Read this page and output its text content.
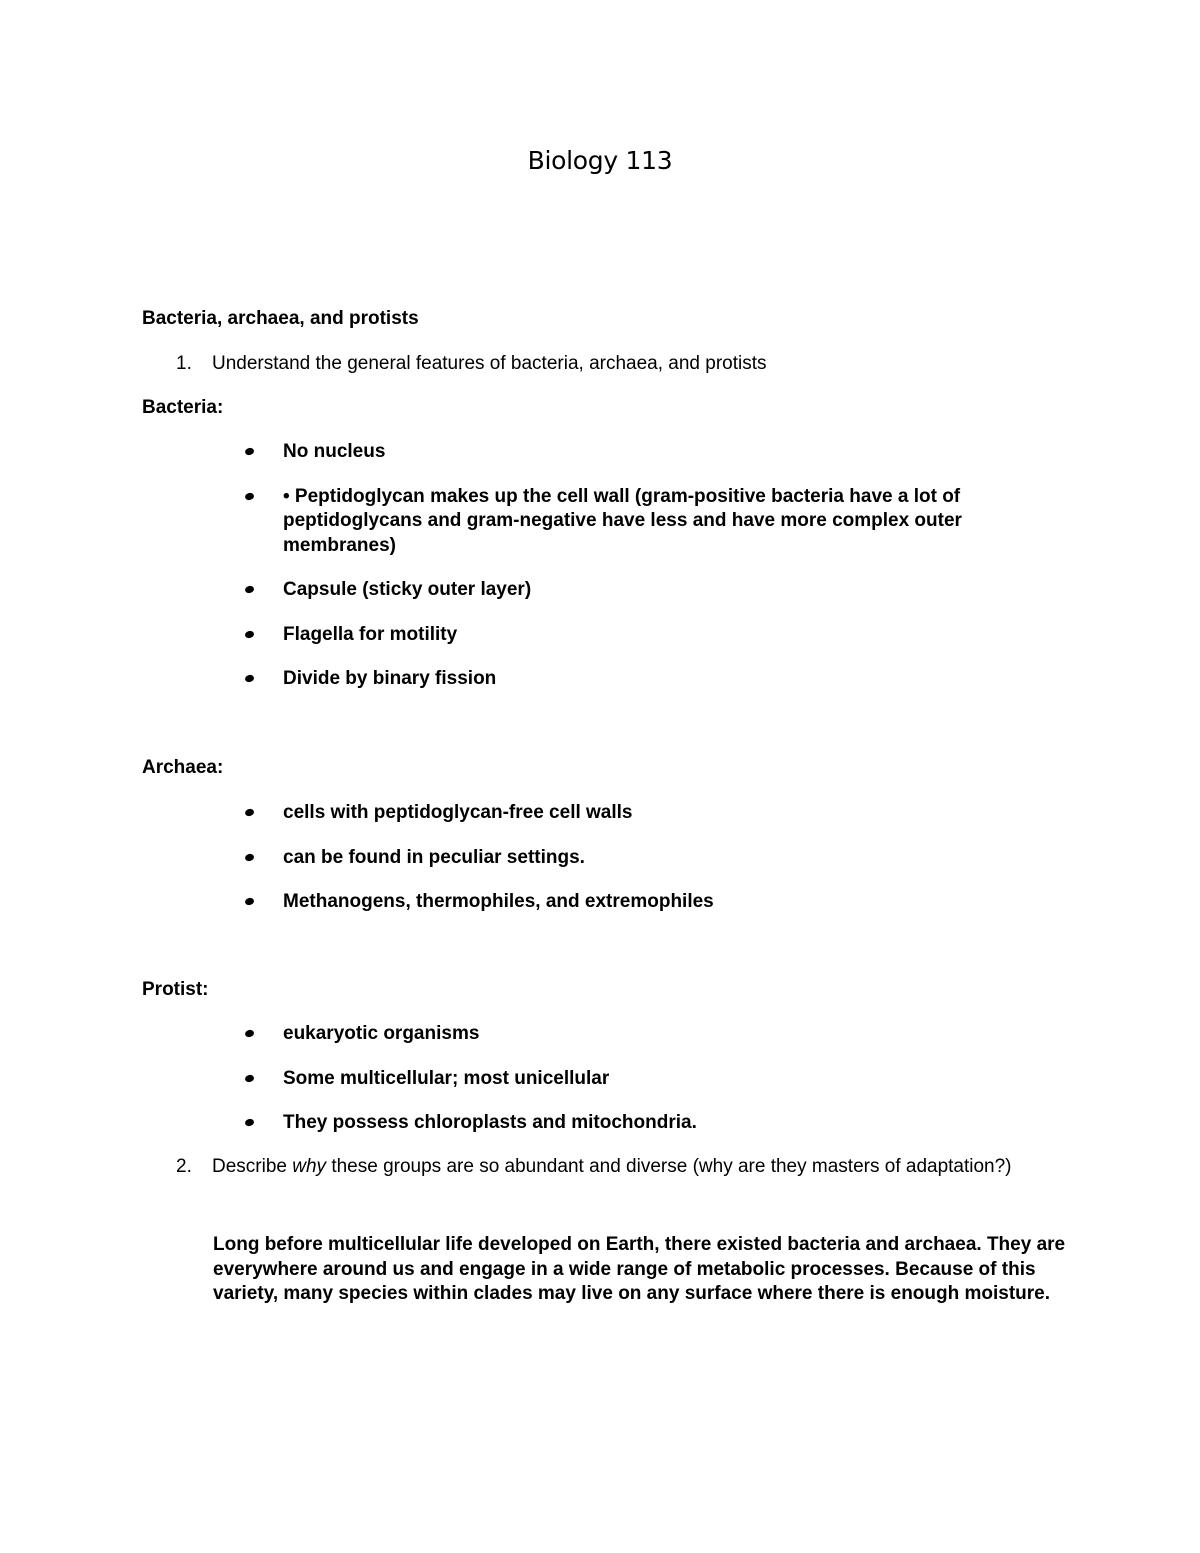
Biology 113
Bacteria, archaea, and protists
1. Understand the general features of bacteria, archaea, and protists
Bacteria:
No nucleus
• Peptidoglycan makes up the cell wall (gram-positive bacteria have a lot of peptidoglycans and gram-negative have less and have more complex outer membranes)
Capsule (sticky outer layer)
Flagella for motility
Divide by binary fission
Archaea:
cells with peptidoglycan-free cell walls
can be found in peculiar settings.
Methanogens, thermophiles, and extremophiles
Protist:
eukaryotic organisms
Some multicellular; most unicellular
They possess chloroplasts and mitochondria.
2. Describe why these groups are so abundant and diverse (why are they masters of adaptation?)
Long before multicellular life developed on Earth, there existed bacteria and archaea. They are everywhere around us and engage in a wide range of metabolic processes. Because of this variety, many species within clades may live on any surface where there is enough moisture.
